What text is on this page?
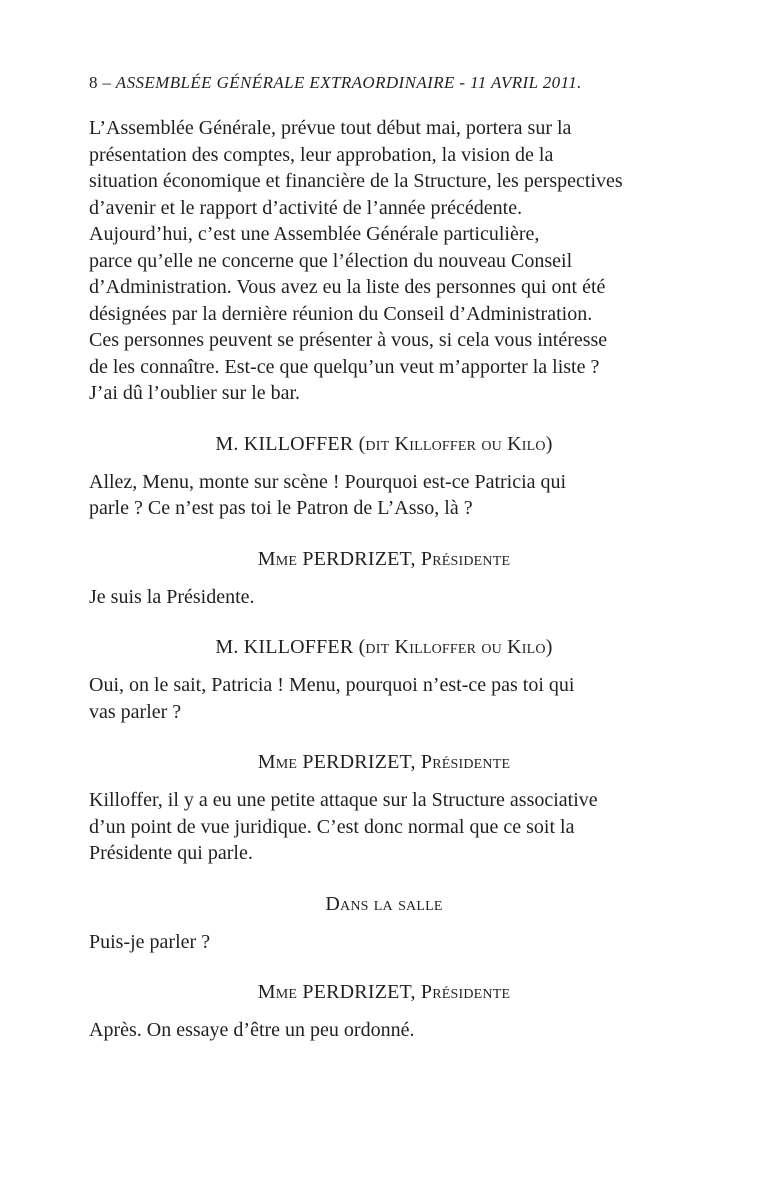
8 – ASSEMBLÉE GÉNÉRALE EXTRAORDINAIRE - 11 AVRIL 2011.

L’Assemblée Générale, prévue tout début mai, portera sur la
présentation des comptes, leur approbation, la vision de la
situation économique et financière de la Structure, les perspectives
d’avenir et le rapport d’activité de l’année précédente.
Aujourd’hui, c’est une Assemblée Générale particulière,
parce qu’elle ne concerne que l’élection du nouveau Conseil
d’Administration. Vous avez eu la liste des personnes qui ont été
désignées par la dernière réunion du Conseil d’Administration.
Ces personnes peuvent se présenter à vous, si cela vous intéresse
de les connaître. Est-ce que quelqu’un veut m’apporter la liste ?
J’ai dû l’oublier sur le bar.

M. KILLOFFER (dit Killoffer ou Kilo)

Allez, Menu, monte sur scène ! Pourquoi est-ce Patricia qui
parle ? Ce n’est pas toi le Patron de L’Asso, là ?

Mme PERDRIZET, Présidente

Je suis la Présidente.

M. KILLOFFER (dit Killoffer ou Kilo)

Oui, on le sait, Patricia ! Menu, pourquoi n’est-ce pas toi qui
vas parler ?

Mme PERDRIZET, Présidente

Killoffer, il y a eu une petite attaque sur la Structure associative
d’un point de vue juridique. C’est donc normal que ce soit la
Présidente qui parle.

Dans la salle

Puis-je parler ?

Mme PERDRIZET, Présidente

Après. On essaye d’être un peu ordonné.
